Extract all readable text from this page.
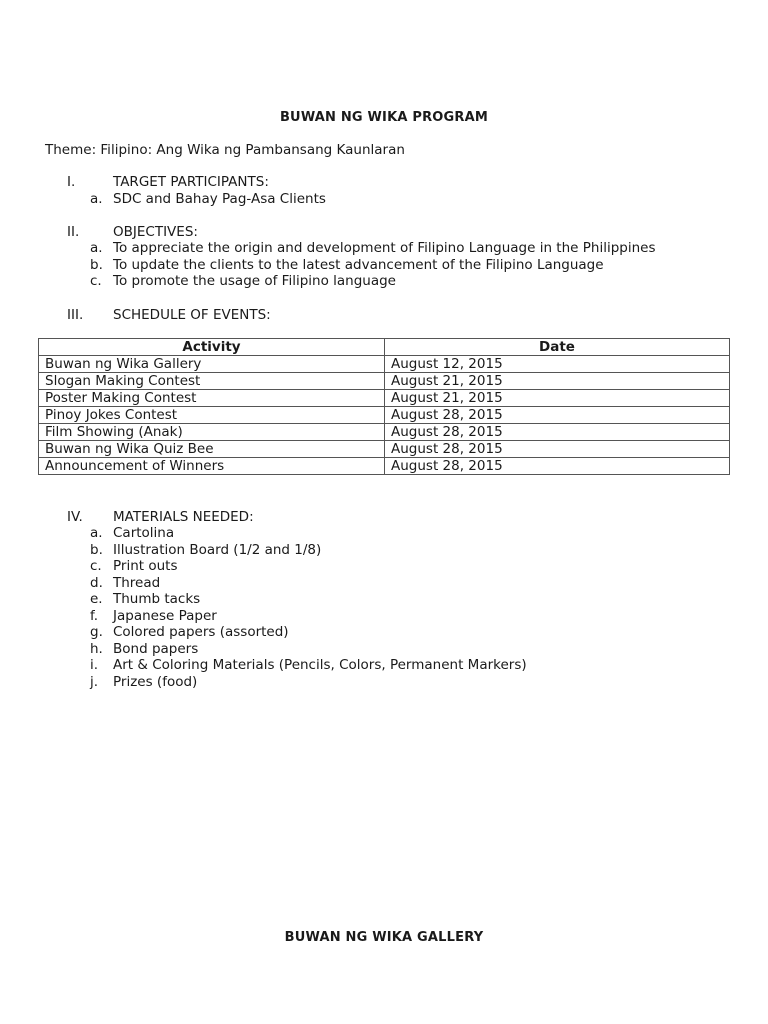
BUWAN NG WIKA PROGRAM
Theme: Filipino: Ang Wika ng Pambansang Kaunlaran
I.	TARGET PARTICIPANTS:
a. SDC and Bahay Pag-Asa Clients
II.	OBJECTIVES:
a. To appreciate the origin and development of Filipino Language in the Philippines
b. To update the clients to the latest advancement of the Filipino Language
c. To promote the usage of Filipino language
III.	SCHEDULE OF EVENTS:
Activity	Date
Buwan ng Wika Gallery	August 12, 2015
Slogan Making Contest	August 21, 2015
Poster Making Contest	August 21, 2015
Pinoy Jokes Contest	August 28, 2015
Film Showing (Anak)	August 28, 2015
Buwan ng Wika Quiz Bee	August 28, 2015
Announcement of Winners	August 28, 2015
IV.	MATERIALS NEEDED:
a. Cartolina
b. Illustration Board (1/2 and 1/8)
c. Print outs
d. Thread
e. Thumb tacks
f. Japanese Paper
g. Colored papers (assorted)
h. Bond papers
i. Art & Coloring Materials (Pencils, Colors, Permanent Markers)
j. Prizes (food)
BUWAN NG WIKA GALLERY
